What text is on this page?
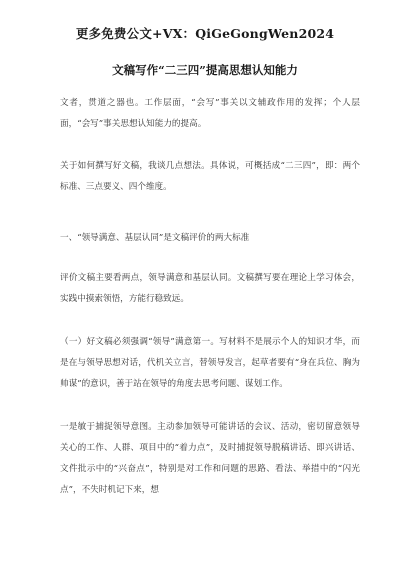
更多免费公文+VX：QiGeGongWen2024
文稿写作“二三四”提高思想认知能力

文者，贯道之器也。工作层面，“会写”事关以文辅政作用的发挥；个人层面，“会写”事关思想认知能力的提高。

关于如何撰写好文稿，我谈几点想法。具体说，可概括成“二三四”，即：两个标准、三点要义、四个维度。

一、“领导满意、基层认同”是文稿评价的两大标准

评价文稿主要看两点，领导满意和基层认同。文稿撰写要在理论上学习体会，实践中摸索领悟，方能行稳致远。

（一）好文稿必须强调“领导”满意第一。写材料不是展示个人的知识才华，而是在与领导思想对话，代机关立言，替领导发言，起草者要有“身在兵位、胸为帅谋”的意识，善于站在领导的角度去思考问题、谋划工作。

一是敏于捕捉领导意图。主动参加领导可能讲话的会议、活动，密切留意领导关心的工作、人群、项目中的“着力点”，及时捕捉领导脱稿讲话、即兴讲话、文件批示中的“兴奋点”，特别是对工作和问题的思路、看法、举措中的“闪光点”，不失时机记下来，想
